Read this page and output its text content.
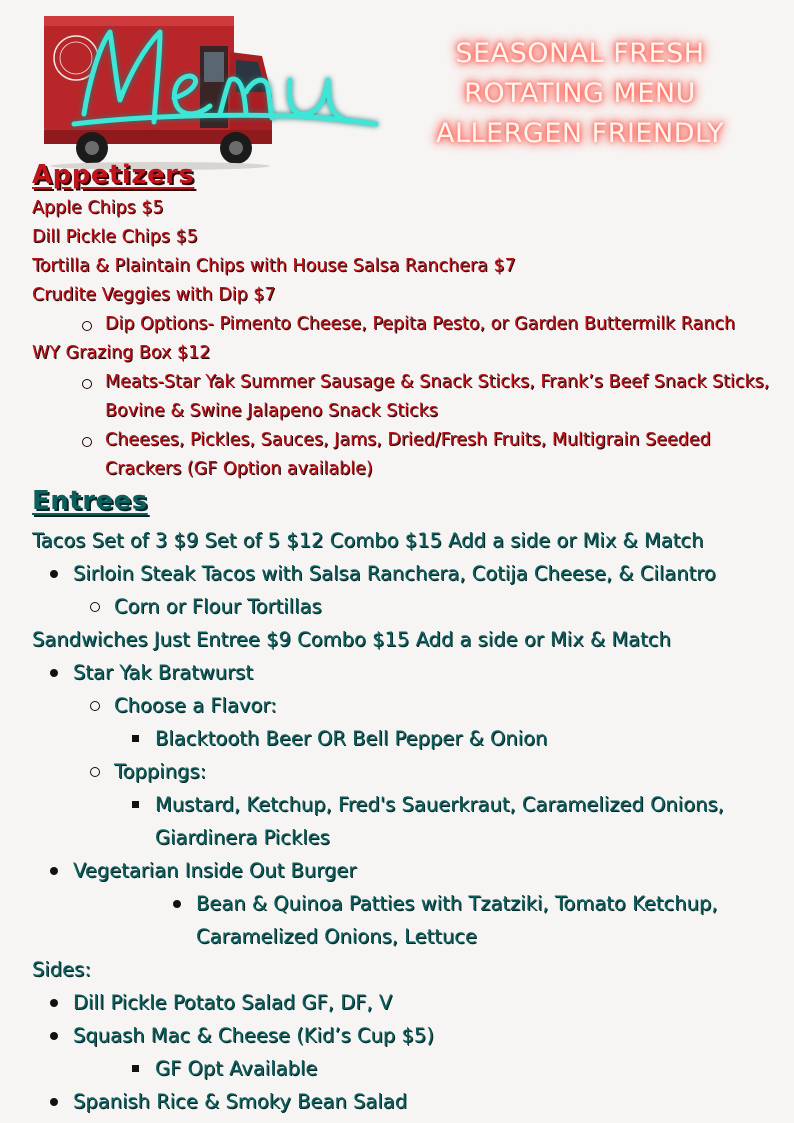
SEASONAL FRESH
ROTATING MENU
ALLERGEN FRIENDLY
Appetizers
Apple Chips $5
Dill Pickle Chips $5
Tortilla & Plaintain Chips with House Salsa Ranchera $7
Crudite Veggies with Dip $7
Dip Options- Pimento Cheese, Pepita Pesto, or Garden Buttermilk Ranch
WY Grazing Box $12
Meats-Star Yak Summer Sausage & Snack Sticks, Frank’s Beef Snack Sticks, Bovine & Swine Jalapeno Snack Sticks
Cheeses, Pickles, Sauces, Jams, Dried/Fresh Fruits, Multigrain Seeded Crackers (GF Option available)
Entrees
Tacos Set of 3 $9 Set of 5 $12 Combo $15 Add a side or Mix & Match
Sirloin Steak Tacos with Salsa Ranchera, Cotija Cheese, & Cilantro
Corn or Flour Tortillas
Sandwiches Just Entree $9 Combo $15 Add a side or Mix & Match
Star Yak Bratwurst
Choose a Flavor:
Blacktooth Beer OR Bell Pepper & Onion
Toppings:
Mustard, Ketchup, Fred's Sauerkraut, Caramelized Onions, Giardinera Pickles
Vegetarian Inside Out Burger
Bean & Quinoa Patties with Tzatziki, Tomato Ketchup, Caramelized Onions, Lettuce
Sides:
Dill Pickle Potato Salad GF, DF, V
Squash Mac & Cheese (Kid’s Cup $5)
GF Opt Available
Spanish Rice & Smoky Bean Salad
